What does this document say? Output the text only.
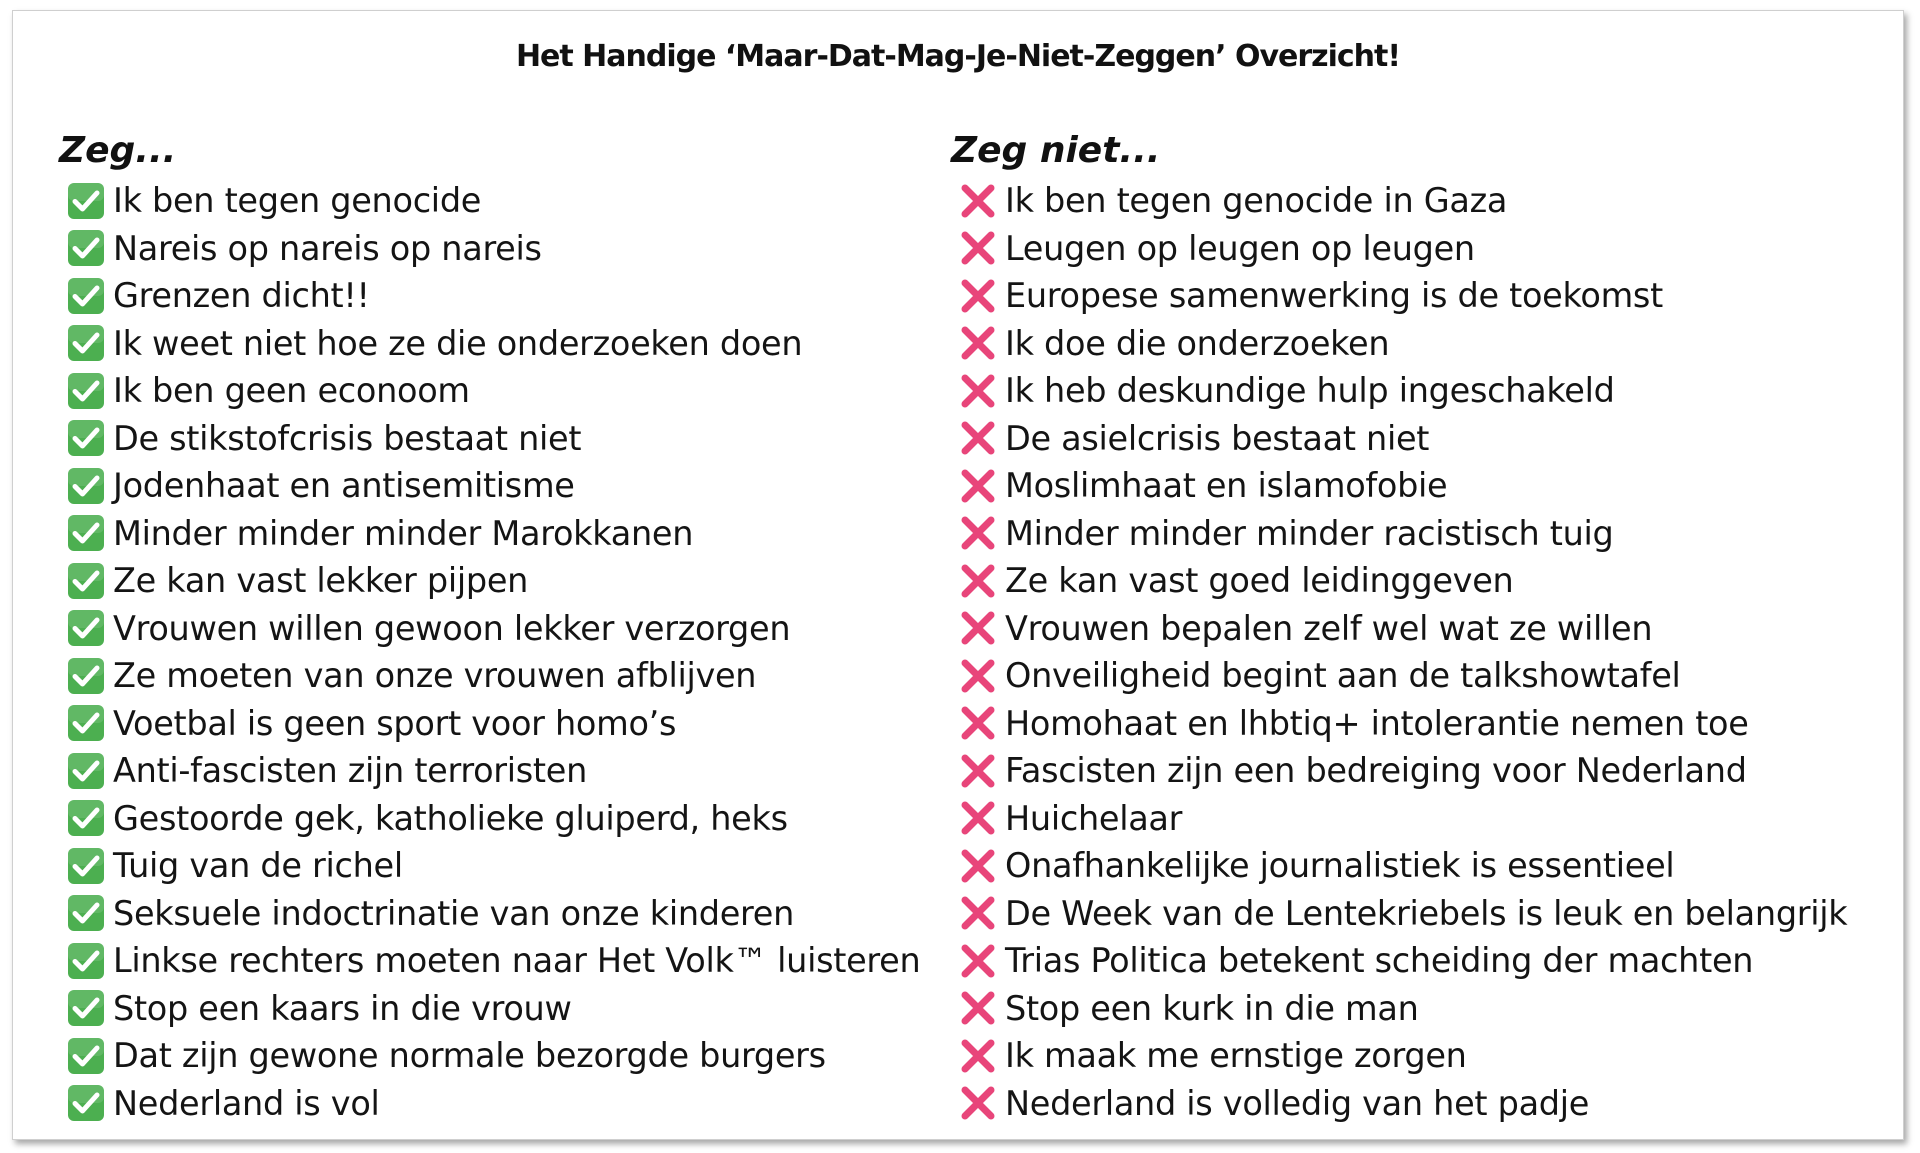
Het Handige ‘Maar-Dat-Mag-Je-Niet-Zeggen’ Overzicht!
Zeg...
Ik ben tegen genocide
Nareis op nareis op nareis
Grenzen dicht!!
Ik weet niet hoe ze die onderzoeken doen
Ik ben geen econoom
De stikstofcrisis bestaat niet
Jodenhaat en antisemitisme
Minder minder minder Marokkanen
Ze kan vast lekker pijpen
Vrouwen willen gewoon lekker verzorgen
Ze moeten van onze vrouwen afblijven
Voetbal is geen sport voor homo’s
Anti-fascisten zijn terroristen
Gestoorde gek, katholieke gluiperd, heks
Tuig van de richel
Seksuele indoctrinatie van onze kinderen
Linkse rechters moeten naar Het Volk™ luisteren
Stop een kaars in die vrouw
Dat zijn gewone normale bezorgde burgers
Nederland is vol
Zeg niet...
Ik ben tegen genocide in Gaza
Leugen op leugen op leugen
Europese samenwerking is de toekomst
Ik doe die onderzoeken
Ik heb deskundige hulp ingeschakeld
De asielcrisis bestaat niet
Moslimhaat en islamofobie
Minder minder minder racistisch tuig
Ze kan vast goed leidinggeven
Vrouwen bepalen zelf wel wat ze willen
Onveiligheid begint aan de talkshowtafel
Homohaat en lhbtiq+ intolerantie nemen toe
Fascisten zijn een bedreiging voor Nederland
Huichelaar
Onafhankelijke journalistiek is essentieel
De Week van de Lentekriebels is leuk en belangrijk
Trias Politica betekent scheiding der machten
Stop een kurk in die man
Ik maak me ernstige zorgen
Nederland is volledig van het padje
